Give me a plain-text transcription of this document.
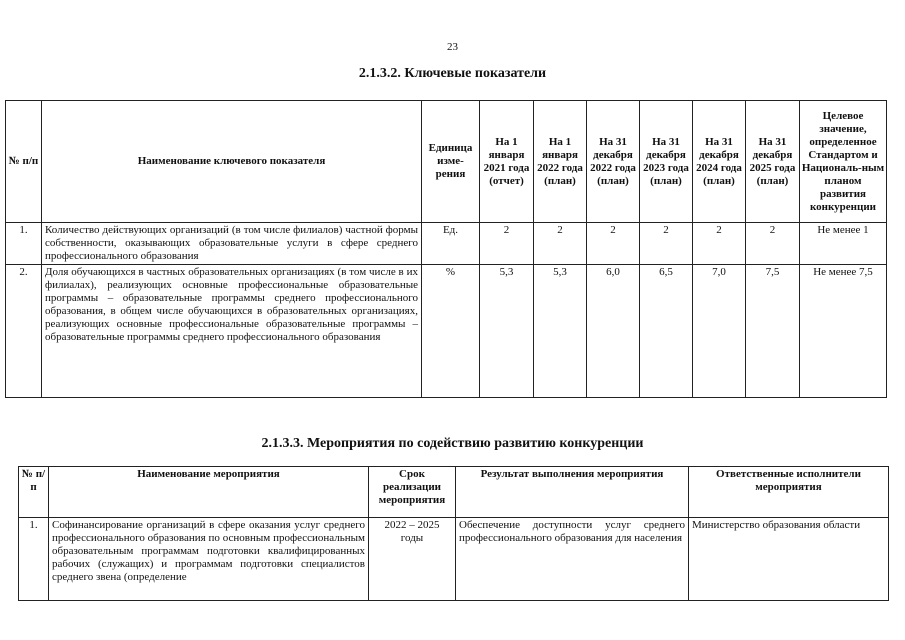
23
2.1.3.2. Ключевые показатели
№ п/п	Наименование ключевого показателя	Единица изме-рения	На 1 января 2021 года (отчет)	На 1 января 2022 года (план)	На 31 декабря 2022 года (план)	На 31 декабря 2023 года (план)	На 31 декабря 2024 года (план)	На 31 декабря 2025 года (план)	Целевое значение, определенное Стандартом и Националь-ным планом развития конкуренции
1.	Количество действующих организаций (в том числе филиалов) частной формы собственности, оказывающих образовательные услуги в сфере среднего профессионального образования	Ед.	2	2	2	2	2	2	Не менее 1
2.	Доля обучающихся в частных образовательных организациях (в том числе в их филиалах), реализующих основные профессиональные образовательные программы – образовательные программы среднего профессионального образования, в общем числе обучающихся в образовательных организациях, реализующих основные профессиональные образовательные программы – образовательные программы среднего профессионального образования	%	5,3	5,3	6,0	6,5	7,0	7,5	Не менее 7,5
2.1.3.3. Мероприятия по содействию развитию конкуренции
№ п/п	Наименование мероприятия	Срок реализации мероприятия	Результат выполнения мероприятия	Ответственные исполнители мероприятия
1.	Софинансирование организаций в сфере оказания услуг среднего профессионального образования по основным профессиональным образовательным программам подготовки квалифицированных рабочих (служащих) и программам подготовки специалистов среднего звена (определение	2022 – 2025 годы	Обеспечение доступности услуг среднего профессионального образования для населения	Министерство образования области
